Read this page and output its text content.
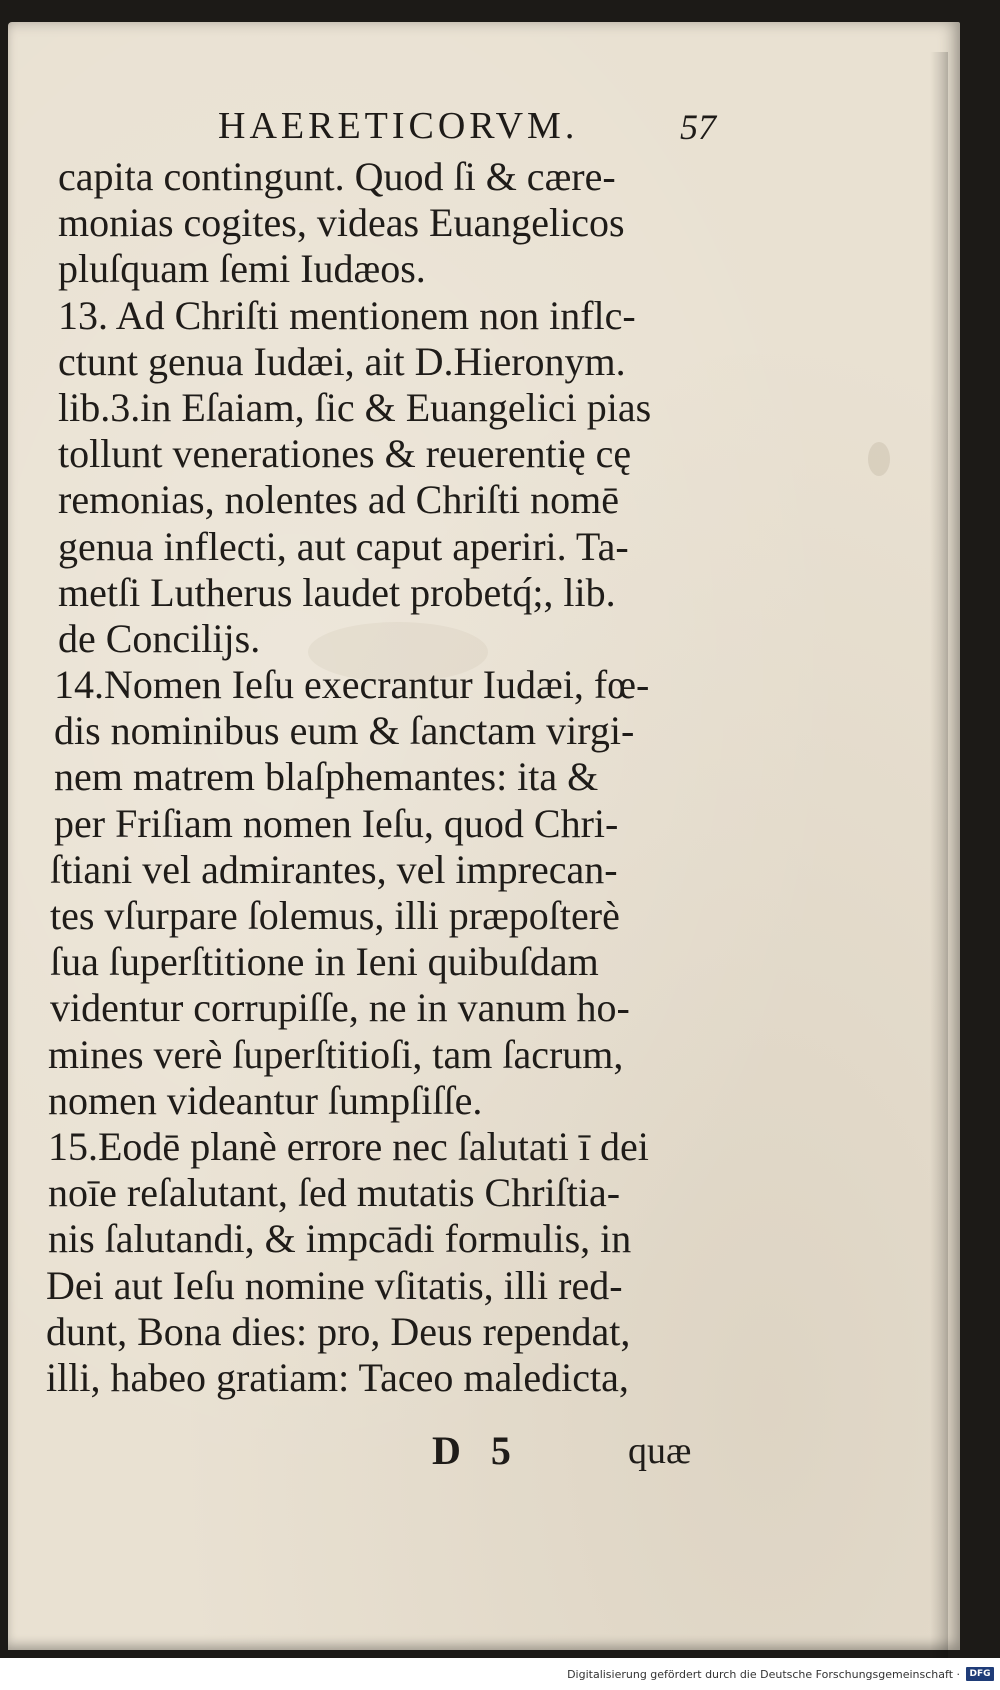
HAERETICORVM.	57
capita contingunt. Quod ſi & cære-
monias cogites, videas Euangelicos
pluſquam ſemi Iudæos.
13. Ad Chriſti mentionem non inflc-
ctunt genua Iudæi, ait D.Hieronym.
lib.3.in Eſaiam, ſic & Euangelici pias
tollunt venerationes & reuerentię cę
remonias, nolentes ad Chriſti nomē
genua inflecti, aut caput aperiri. Ta-
metſi Lutherus laudet probetq́;, lib.
de Concilijs.
14.Nomen Ieſu execrantur Iudæi, fœ-
dis nominibus eum & ſanctam virgi-
nem matrem blaſphemantes: ita &
per Friſiam nomen Ieſu, quod Chri-
ſtiani vel admirantes, vel imprecan-
tes vſurpare ſolemus, illi præpoſterè
ſua ſuperſtitione in Ieni quibuſdam
videntur corrupiſſe, ne in vanum ho-
mines verè ſuperſtitioſi, tam ſacrum,
nomen videantur ſumpſiſſe.
15.Eodē planè errore nec ſalutati ī dei
noīe reſalutant, ſed mutatis Chriſtia-
nis ſalutandi, & impcādi formulis, in
Dei aut Ieſu nomine vſitatis, illi red-
dunt, Bona dies: pro, Deus rependat,
illi, habeo gratiam: Taceo maledicta,
D 5	quæ
Digitalisierung gefördert durch die Deutsche Forschungsgemeinschaft ·	DFG
